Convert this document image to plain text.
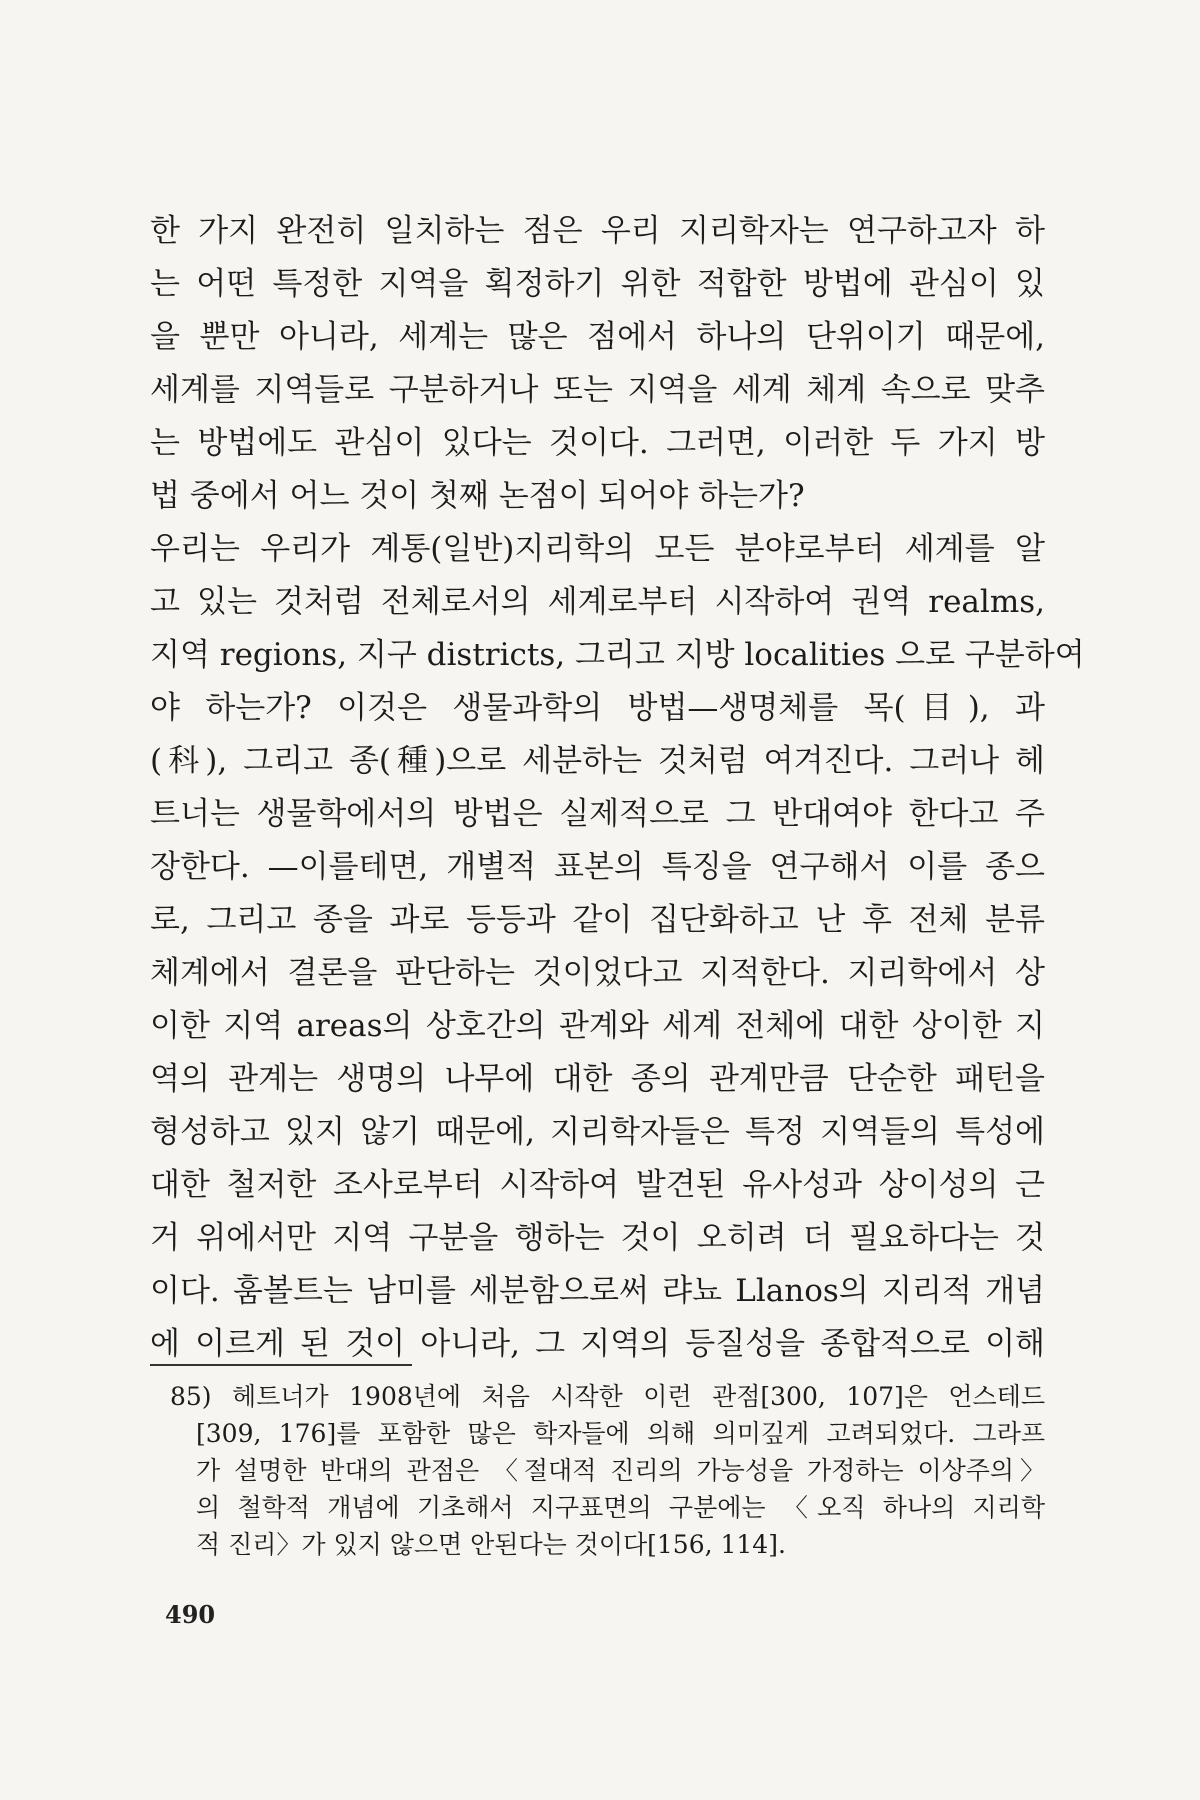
한 가지 완전히 일치하는 점은 우리 지리학자는 연구하고자 하
는 어떤 특정한 지역을 획정하기 위한 적합한 방법에 관심이 있
을 뿐만 아니라, 세계는 많은 점에서 하나의 단위이기 때문에,
세계를 지역들로 구분하거나 또는 지역을 세계 체계 속으로 맞추
는 방법에도 관심이 있다는 것이다. 그러면, 이러한 두 가지 방
법 중에서 어느 것이 첫째 논점이 되어야 하는가?
우리는 우리가 계통(일반)지리학의 모든 분야로부터 세계를 알
고 있는 것처럼 전체로서의 세계로부터 시작하여 권역 realms,
지역 regions, 지구 districts, 그리고 지방 localities 으로 구분하여
야 하는가? 이것은 생물과학의 방법—생명체를 목(目), 과
(科), 그리고 종(種)으로 세분하는 것처럼 여겨진다. 그러나 헤
트너는 생물학에서의 방법은 실제적으로 그 반대여야 한다고 주
장한다. —이를테면, 개별적 표본의 특징을 연구해서 이를 종으
로, 그리고 종을 과로 등등과 같이 집단화하고 난 후 전체 분류
체계에서 결론을 판단하는 것이었다고 지적한다. 지리학에서 상
이한 지역 areas의 상호간의 관계와 세계 전체에 대한 상이한 지
역의 관계는 생명의 나무에 대한 종의 관계만큼 단순한 패턴을
형성하고 있지 않기 때문에, 지리학자들은 특정 지역들의 특성에
대한 철저한 조사로부터 시작하여 발견된 유사성과 상이성의 근
거 위에서만 지역 구분을 행하는 것이 오히려 더 필요하다는 것
이다. 훔볼트는 남미를 세분함으로써 랴뇨 Llanos의 지리적 개념
에 이르게 된 것이 아니라, 그 지역의 등질성을 종합적으로 이해
85) 헤트너가 1908년에 처음 시작한 이런 관점[300, 107]은 언스테드
[309, 176]를 포함한 많은 학자들에 의해 의미깊게 고려되었다. 그라프
가 설명한 반대의 관점은 〈절대적 진리의 가능성을 가정하는 이상주의〉
의 철학적 개념에 기초해서 지구표면의 구분에는 〈오직 하나의 지리학
적 진리〉가 있지 않으면 안된다는 것이다[156, 114].
490
